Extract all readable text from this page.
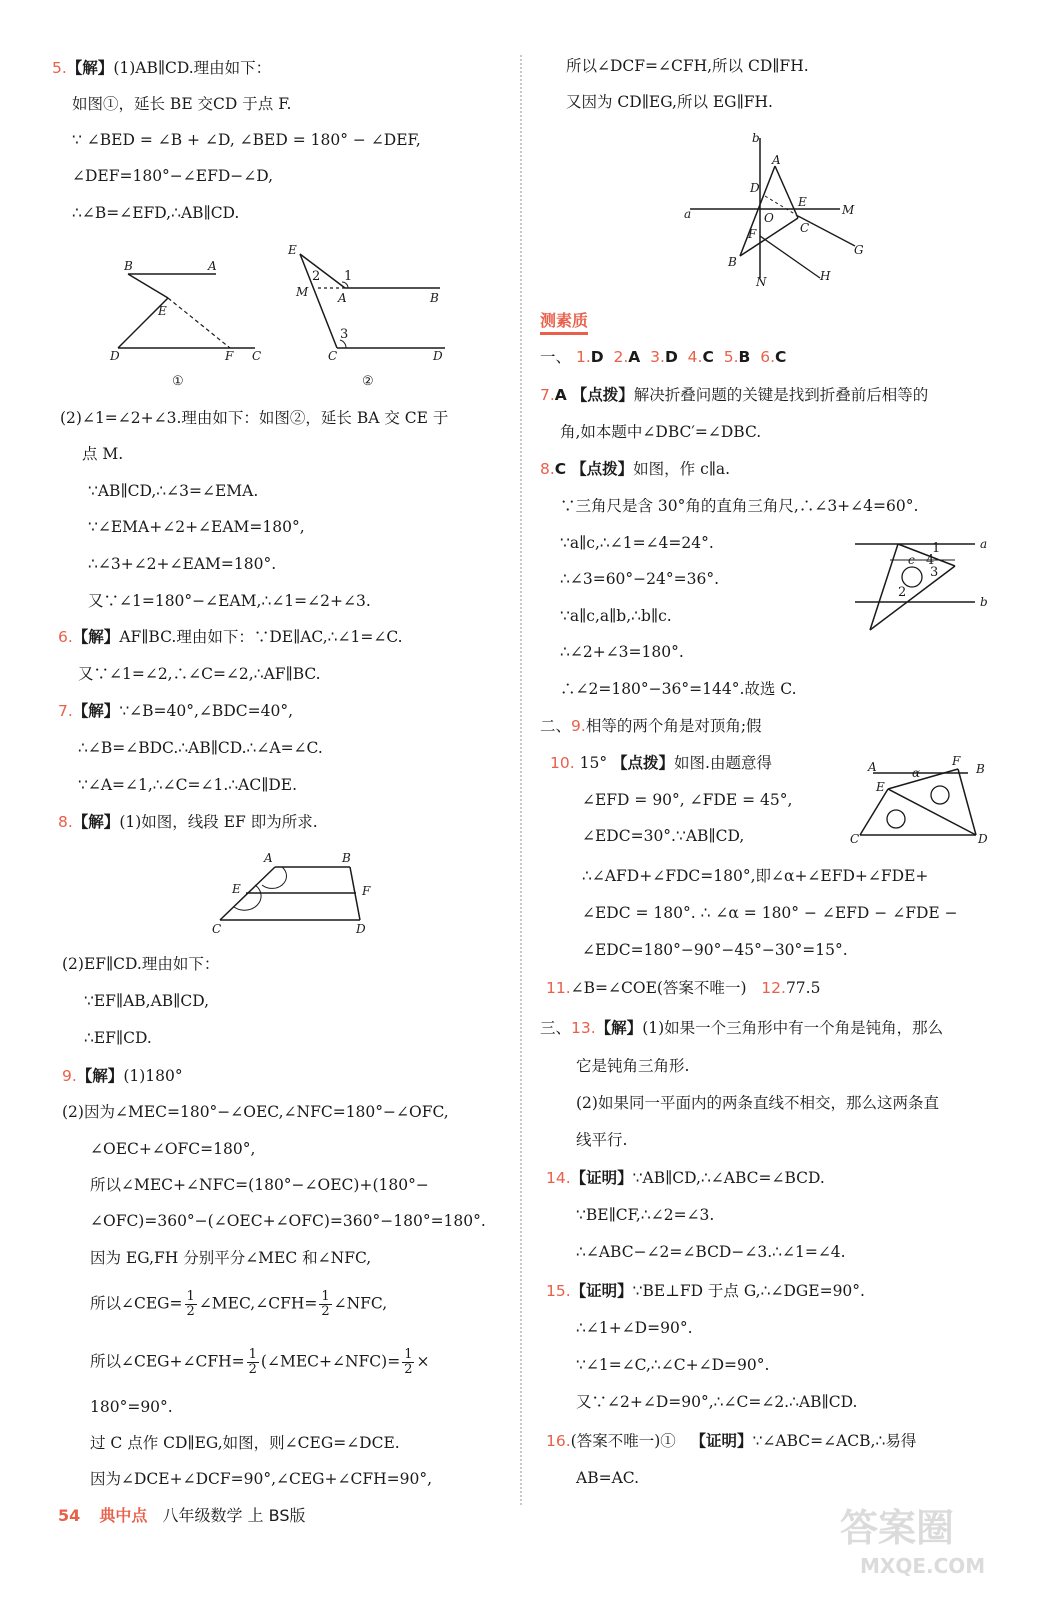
5.【解】(1)AB∥CD.理由如下：
如图①，延长 BE 交CD 于点 F.
∵ ∠BED = ∠B + ∠D, ∠BED = 180° − ∠DEF,
∠DEF=180°−∠EFD−∠D,
∴∠B=∠EFD,∴AB∥CD.
B	A
E
D	F C
①
E
2 1
M A	B
3
C	D
②
(2)∠1=∠2+∠3.理由如下：如图②，延长 BA 交 CE 于
点 M.
∵AB∥CD,∴∠3=∠EMA.
∵∠EMA+∠2+∠EAM=180°,
∴∠3+∠2+∠EAM=180°.
又∵∠1=180°−∠EAM,∴∠1=∠2+∠3.
6.【解】AF∥BC.理由如下：∵DE∥AC,∴∠1=∠C.
又∵∠1=∠2,∴∠C=∠2,∴AF∥BC.
7.【解】∵∠B=40°,∠BDC=40°,
∴∠B=∠BDC.∴AB∥CD.∴∠A=∠C.
∵∠A=∠1,∴∠C=∠1.∴AC∥DE.
8.【解】(1)如图，线段 EF 即为所求.
A	B
E	F
C	D
(2)EF∥CD.理由如下：
∵EF∥AB,AB∥CD,
∴EF∥CD.
9.【解】(1)180°
(2)因为∠MEC=180°−∠OEC,∠NFC=180°−∠OFC,
∠OEC+∠OFC=180°,
所以∠MEC+∠NFC=(180°−∠OEC)+(180°−
∠OFC)=360°−(∠OEC+∠OFC)=360°−180°=180°.
因为 EG,FH 分别平分∠MEC 和∠NFC,
所以∠CEG= $\frac{1}{2}$ ∠MEC,∠CFH= $\frac{1}{2}$ ∠NFC,
所以∠CEG+∠CFH= $\frac{1}{2}$ (∠MEC+∠NFC)= $\frac{1}{2}$ ×
180°=90°.
过 C 点作 CD∥EG,如图，则∠CEG=∠DCE.
因为∠DCE+∠DCF=90°,∠CEG+∠CFH=90°,
所以∠DCF=∠CFH,所以 CD∥FH.
又因为 CD∥EG,所以 EG∥FH.
b
A
D
E
M
a	O
C
F
G
B
N	H
测素质
一、 1.D 2.A 3.D 4.C 5.B 6.C
7.A 【点拨】解决折叠问题的关键是找到折叠前后相等的
角,如本题中∠DBC′=∠DBC.
8.C 【点拨】如图，作 c∥a.
∵三角尺是含 30°角的直角三角尺,∴∠3+∠4=60°.
∵a∥c,∴∠1=∠4=24°.
∴∠3=60°−24°=36°.
∵a∥c,a∥b,∴b∥c.
∴∠2+∠3=180°.
∴∠2=180°−36°=144°.故选 C.
a
c
1
4
3
2
b
二、9.相等的两个角是对顶角;假
10. 15° 【点拨】如图.由题意得
∠EFD = 90°, ∠FDE = 45°,
∠EDC=30°.∵AB∥CD,
A	α
F
B
E
C	D
∴∠AFD+∠FDC=180°,即∠α+∠EFD+∠FDE+
∠EDC = 180°. ∴ ∠α = 180° − ∠EFD − ∠FDE −
∠EDC=180°−90°−45°−30°=15°.
11.∠B=∠COE(答案不唯一) 12.77.5
三、13.【解】(1)如果一个三角形中有一个角是钝角，那么
它是钝角三角形.
(2)如果同一平面内的两条直线不相交，那么这两条直
线平行.
14.【证明】∵AB∥CD,∴∠ABC=∠BCD.
∵BE∥CF,∴∠2=∠3.
∴∠ABC−∠2=∠BCD−∠3.∴∠1=∠4.
15.【证明】∵BE⊥FD 于点 G,∴∠DGE=90°.
∴∠1+∠D=90°.
∵∠1=∠C,∴∠C+∠D=90°.
又∵∠2+∠D=90°,∴∠C=∠2.∴AB∥CD.
16.(答案不唯一)① 【证明】∵∠ABC=∠ACB,∴易得
AB=AC.
54 典中点 八年级数学 上 BS版	答案圈
MXQE.COM
